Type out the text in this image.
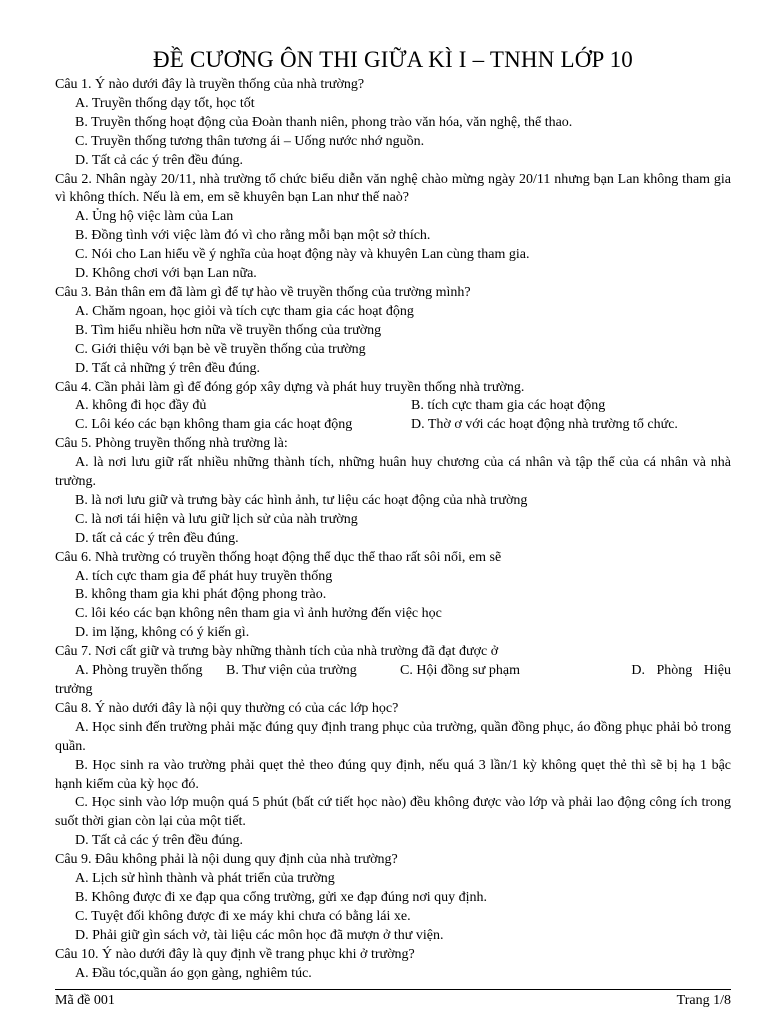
ĐỀ CƯƠNG ÔN THI GIỮA KÌ I – TNHN LỚP 10
Câu 1. Ý nào dưới đây là truyền thống của nhà trường?
A. Truyền thống dạy tốt, học tốt
B. Truyền thống hoạt động của Đoàn thanh niên, phong trào văn hóa, văn nghệ, thể thao.
C. Truyền thống tương thân tương ái – Uống nước nhớ nguồn.
D. Tất cả các ý trên đều đúng.
Câu 2. Nhân ngày 20/11, nhà trường tổ chức biểu diễn văn nghệ chào mừng ngày 20/11 nhưng bạn Lan không tham gia vì không thích. Nếu là em, em sẽ khuyên bạn Lan như thế naò?
A. Ủng hộ việc làm của Lan
B. Đồng tình với việc làm đó vì cho rằng mỗi bạn một sở thích.
C. Nói cho Lan hiểu về ý nghĩa của hoạt động này và khuyên Lan cùng tham gia.
D. Không chơi với bạn Lan nữa.
Câu 3. Bản thân em đã làm gì để tự hào về truyền thống của trường mình?
A. Chăm ngoan, học giỏi và tích cực tham gia các hoạt động
B. Tìm hiểu nhiều hơn nữa về truyền thống của trường
C. Giới thiệu với bạn bè về truyền thống của trường
D. Tất cả những ý trên đều đúng.
Câu 4. Cần phải làm gì để đóng góp xây dựng và phát huy truyền thống nhà trường.
A. không đi học đầy đủ	B. tích cực tham gia các hoạt động
C. Lôi kéo các bạn không tham gia các hoạt động	D. Thờ ơ với các hoạt động nhà trường tổ chức.
Câu 5. Phòng truyền thống nhà trường là:
A. là nơi lưu giữ rất nhiều những thành tích, những huân huy chương của cá nhân và tập thể của cá nhân và nhà trường.
B. là nơi lưu giữ và trưng bày các hình ảnh, tư liệu các hoạt động của nhà trường
C. là nơi tái hiện và lưu giữ lịch sử của nàh trường
D. tất cả các ý trên đều đúng.
Câu 6. Nhà trường có truyền thống hoạt động thể dục thể thao rất sôi nổi, em sẽ
A. tích cực tham gia để phát huy truyền thống
B. không tham gia khi phát động phong trào.
C. lôi kéo các bạn không nên tham gia vì ảnh hưởng đến việc học
D. im lặng, không có ý kiến gì.
Câu 7. Nơi cất giữ và trưng bày những thành tích của nhà trường đã đạt được ở
A. Phòng truyền thống	B. Thư viện của trường	C. Hội đồng sư phạm	D. Phòng Hiệu
trưởng
Câu 8. Ý nào dưới đây là nội quy thường có của các lớp học?
A. Học sinh đến trường phải mặc đúng quy định trang phục của trường, quần đồng phục, áo đồng phục phải bỏ trong quần.
B. Học sinh ra vào trường phải quẹt thẻ theo đúng quy định, nếu quá 3 lần/1 kỳ không quẹt thẻ thì sẽ bị hạ 1 bậc hạnh kiểm của kỳ học đó.
C. Học sinh vào lớp muộn quá 5 phút (bất cứ tiết học nào) đều không được vào lớp và phải lao động công ích trong suốt thời gian còn lại của một tiết.
D. Tất cả các ý trên đều đúng.
Câu 9. Đâu không phải là nội dung quy định của nhà trường?
A. Lịch sử hình thành và phát triển của trường
B. Không được đi xe đạp qua cổng trường, gửi xe đạp đúng nơi quy định.
C. Tuyệt đối không được đi xe máy khi chưa có bằng lái xe.
D. Phải giữ gìn sách vở, tài liệu các môn học đã mượn ở thư viện.
Câu 10. Ý nào dưới đây là quy định về trang phục khi ở trường?
A. Đầu tóc,quần áo gọn gàng, nghiêm túc.
Mã đề 001	Trang 1/8
